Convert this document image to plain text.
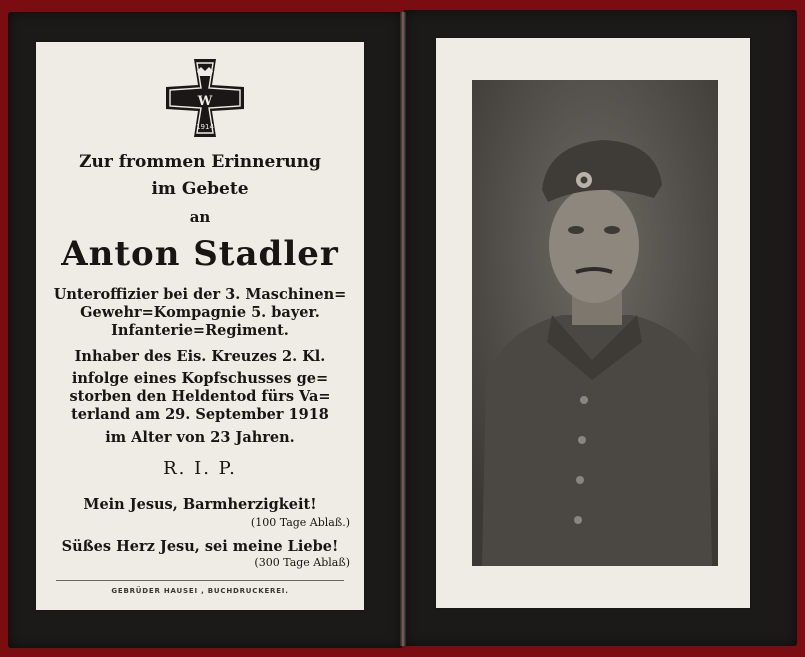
W
1914
Zur frommen Erinnerung
im Gebete
an
Anton Stadler
Unteroffizier bei der 3. Maschinen=
Gewehr=Kompagnie 5. bayer.
Infanterie=Regiment.
Inhaber des Eis. Kreuzes 2. Kl.
infolge eines Kopfschusses ge=
storben den Heldentod fürs Va=
terland am 29. September 1918
im Alter von 23 Jahren.
R. I. P.
Mein Jesus, Barmherzigkeit!
(100 Tage Ablaß.)
Süßes Herz Jesu, sei meine Liebe!
(300 Tage Ablaß)
GEBRÜDER HAUSEI , BUCHDRUCKEREI.
